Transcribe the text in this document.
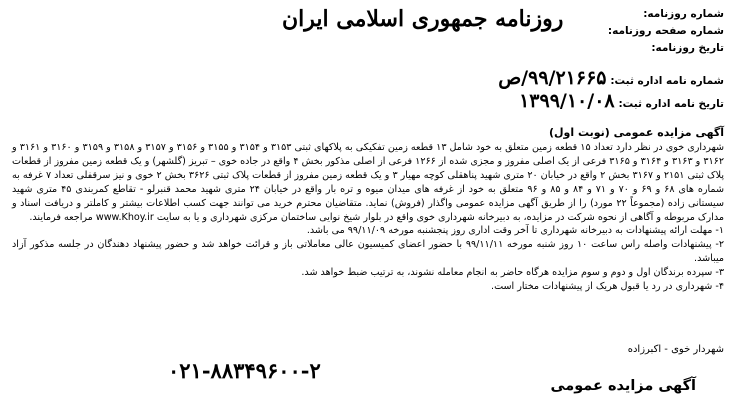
شماره روزنامه:
شماره صفحه روزنامه:
تاریخ روزنامه:
روزنامه جمهوری اسلامی ایران
شماره نامه اداره ثبت: ۹۹/۲۱۶۶۵/ص
تاریخ نامه اداره ثبت: ۱۳۹۹/۱۰/۰۸
آگهی مزایده عمومی (نوبت اول)

شهرداری خوی در نظر دارد تعداد ۱۵ قطعه زمین متعلق به خود شامل ۱۳ قطعه زمین تفکیکی به پلاکهای ثبتی ۳۱۵۳ و ۳۱۵۴ و ۳۱۵۵ و ۳۱۵۶ و ۳۱۵۷ و ۳۱۵۸ و ۳۱۵۹ و ۳۱۶۰ و ۳۱۶۱ و ۳۱۶۲ و ۳۱۶۳ و ۳۱۶۴ و ۳۱۶۵ فرعی از یک اصلی مفروز و مجزی شده از ۱۲۶۶ فرعی از اصلی مذکور بخش ۴ واقع در جاده خوی – تبریز (گلشهر) و یک قطعه زمین مفروز از قطعات پلاک ثبتی ۲۱۵۱ و ۳۱۶۷ بخش ۲ واقع در خیابان ۲۰ متری شهید پناهقلی کوچه مهیار ۳ و یک قطعه زمین مفروز از قطعات پلاک ثبتی ۳۶۲۶ بخش ۲ خوی و نیز سرقفلی تعداد ۷ غرفه به شماره های ۶۸ و ۶۹ و ۷۰ و ۷۱ و ۸۴ و ۸۵ و ۹۶ متعلق به خود از غرفه های میدان میوه و تره بار واقع در خیابان ۲۴ متری شهید محمد قنبرلو - تقاطع کمربندی ۴۵ متری شهید سیستانی زاده (مجموعاً ۲۲ مورد) را از طریق آگهی مزایده عمومی واگذار (فروش) نماید. متقاضیان محترم خرید می توانند جهت کسب اطلاعات بیشتر و کاملتر و دریافت اسناد و مدارک مربوطه و آگاهی از نحوه شرکت در مزایده، به دبیرخانه شهرداری خوی واقع در بلوار شیخ نوایی ساختمان مرکزی شهرداری و یا به سایت www.Khoy.ir مراجعه فرمایند.

۱- مهلت ارائه پیشنهادات به دبیرخانه شهرداری تا آخر وقت اداری روز پنجشنبه مورخه ۹۹/۱۱/۰۹ می باشد.

۲- پیشنهادات واصله راس ساعت ۱۰ روز شنبه مورخه ۹۹/۱۱/۱۱ با حضور اعضای کمیسیون عالی معاملاتی باز و قرائت خواهد شد و حضور پیشنهاد دهندگان در جلسه مذکور آزاد میباشد.

۳- سپرده برندگان اول و دوم و سوم مزایده هرگاه حاضر به انجام معامله نشوند، به ترتیب ضبط خواهد شد.

۴- شهرداری در رد یا قبول هریک از پیشنهادات مختار است.

شهردار خوی - اکبرزاده
۰۲۱-۸۸۳۴۹۶۰۰-۲
آگهی مزایده عمومی
